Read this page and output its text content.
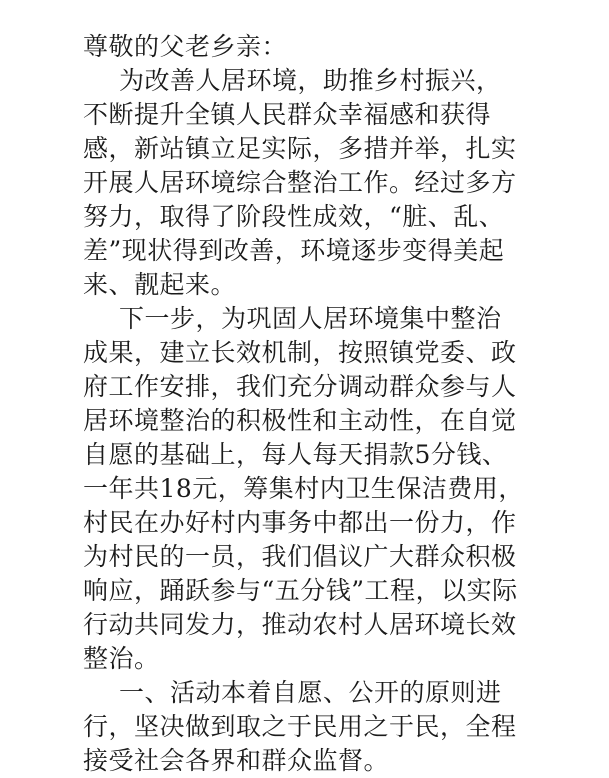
尊敬的父老乡亲：
为改善人居环境，助推乡村振兴，
不断提升全镇人民群众幸福感和获得
感，新站镇立足实际，多措并举，扎实
开展人居环境综合整治工作。经过多方
努力，取得了阶段性成效，“脏、乱、
差”现状得到改善，环境逐步变得美起
来、靓起来。
下一步，为巩固人居环境集中整治
成果，建立长效机制，按照镇党委、政
府工作安排，我们充分调动群众参与人
居环境整治的积极性和主动性，在自觉
自愿的基础上，每人每天捐款5分钱、
一年共18元，筹集村内卫生保洁费用，
村民在办好村内事务中都出一份力，作
为村民的一员，我们倡议广大群众积极
响应，踊跃参与“五分钱”工程，以实际
行动共同发力，推动农村人居环境长效
整治。
一、活动本着自愿、公开的原则进
行，坚决做到取之于民用之于民，全程
接受社会各界和群众监督。
